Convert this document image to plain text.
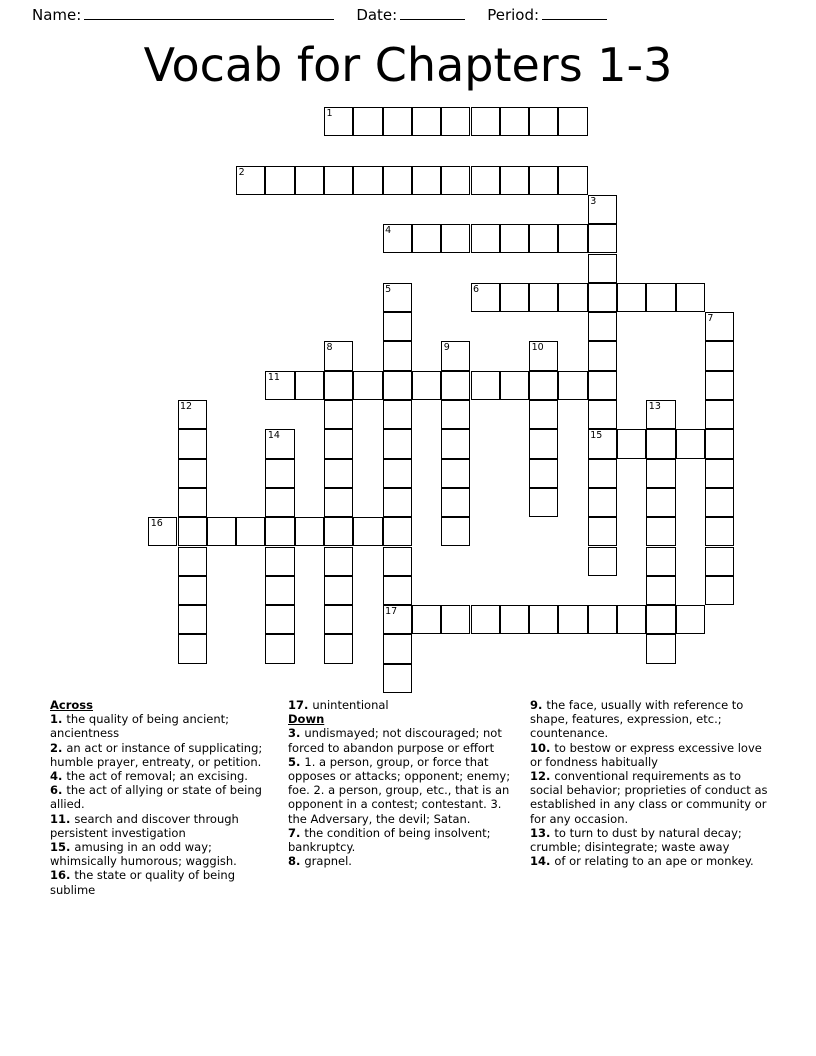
Name:	Date:	Period:
Vocab for Chapters 1-3
1
2
3
4
5	6
7
8	9	10
11
12	13
14	15
16
17
Across
1. the quality of being ancient; ancientness
2. an act or instance of supplicating; humble prayer, entreaty, or petition.
4. the act of removal; an excising.
6. the act of allying or state of being allied.
11. search and discover through persistent investigation
15. amusing in an odd way; whimsically humorous; waggish.
16. the state or quality of being sublime
17. unintentional
Down
3. undismayed; not discouraged; not forced to abandon purpose or effort
5. 1. a person, group, or force that opposes or attacks; opponent; enemy; foe. 2. a person, group, etc., that is an opponent in a contest; contestant. 3. the Adversary, the devil; Satan.
7. the condition of being insolvent; bankruptcy.
8. grapnel.
9. the face, usually with reference to shape, features, expression, etc.; countenance.
10. to bestow or express excessive love or fondness habitually
12. conventional requirements as to social behavior; proprieties of conduct as established in any class or community or for any occasion.
13. to turn to dust by natural decay; crumble; disintegrate; waste away
14. of or relating to an ape or monkey.
